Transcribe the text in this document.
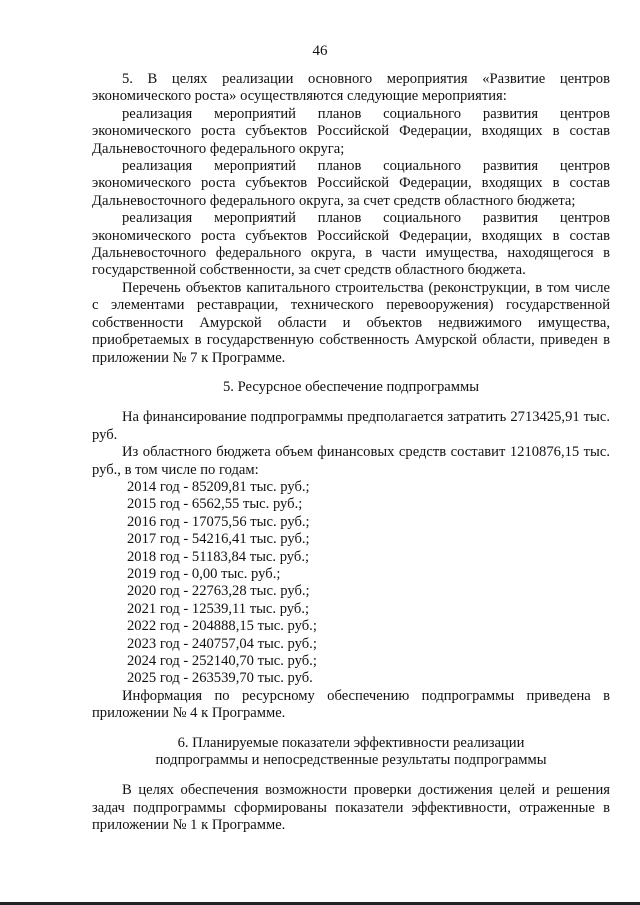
46

5. В целях реализации основного мероприятия «Развитие центров экономического роста» осуществляются следующие мероприятия:

реализация мероприятий планов социального развития центров экономического роста субъектов Российской Федерации, входящих в состав Дальневосточного федерального округа;

реализация мероприятий планов социального развития центров экономического роста субъектов Российской Федерации, входящих в состав Дальневосточного федерального округа, за счет средств областного бюджета;

реализация мероприятий планов социального развития центров экономического роста субъектов Российской Федерации, входящих в состав Дальневосточного федерального округа, в части имущества, находящегося в государственной собственности, за счет средств областного бюджета.

Перечень объектов капитального строительства (реконструкции, в том числе с элементами реставрации, технического перевооружения) государственной собственности Амурской области и объектов недвижимого имущества, приобретаемых в государственную собственность Амурской области, приведен в приложении № 7 к Программе.

5. Ресурсное обеспечение подпрограммы

На финансирование подпрограммы предполагается затратить 2713425,91 тыс. руб.

Из областного бюджета объем финансовых средств составит 1210876,15 тыс. руб., в том числе по годам:

2014 год - 85209,81 тыс. руб.;
2015 год - 6562,55 тыс. руб.;
2016 год - 17075,56 тыс. руб.;
2017 год - 54216,41 тыс. руб.;
2018 год - 51183,84 тыс. руб.;
2019 год - 0,00 тыс. руб.;
2020 год - 22763,28 тыс. руб.;
2021 год - 12539,11 тыс. руб.;
2022 год - 204888,15 тыс. руб.;
2023 год - 240757,04 тыс. руб.;
2024 год - 252140,70 тыс. руб.;
2025 год - 263539,70 тыс. руб.

Информация по ресурсному обеспечению подпрограммы приведена в приложении № 4 к Программе.

6. Планируемые показатели эффективности реализации
подпрограммы и непосредственные результаты подпрограммы

В целях обеспечения возможности проверки достижения целей и решения задач подпрограммы сформированы показатели эффективности, отраженные в приложении № 1 к Программе.
